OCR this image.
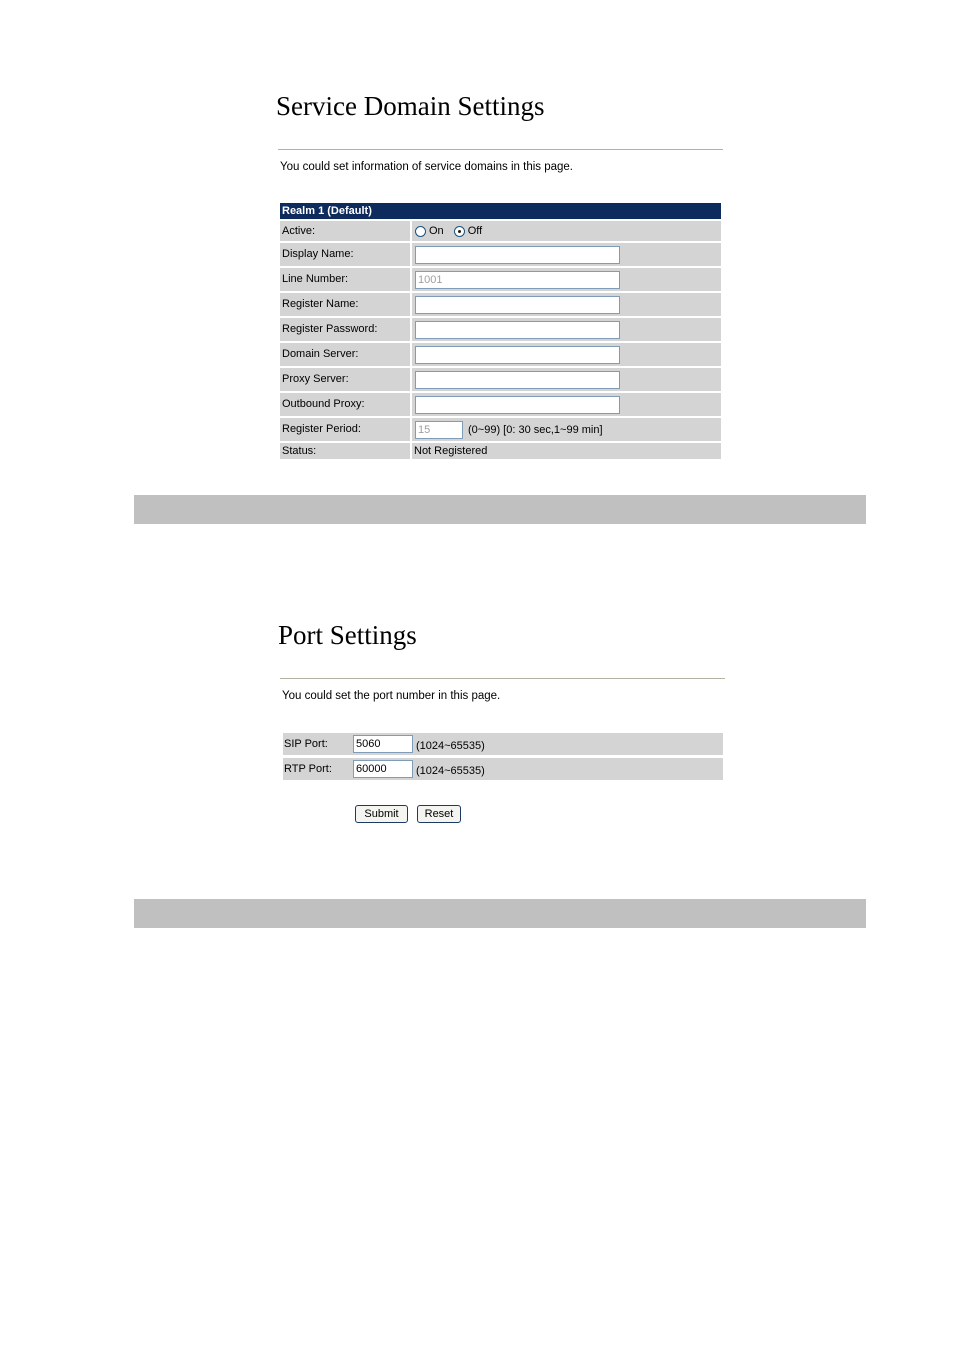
Service Domain Settings
You could set information of service domains in this page.
Realm 1 (Default)
Active:	On Off
Display Name:
Line Number:	1001
Register Name:
Register Password:
Domain Server:
Proxy Server:
Outbound Proxy:
Register Period:	15	(0~99) [0: 30 sec,1~99 min]
Status:	Not Registered
Port Settings
You could set the port number in this page.
SIP Port:	5060	(1024~65535)
RTP Port:	60000	(1024~65535)
Submit	Reset
